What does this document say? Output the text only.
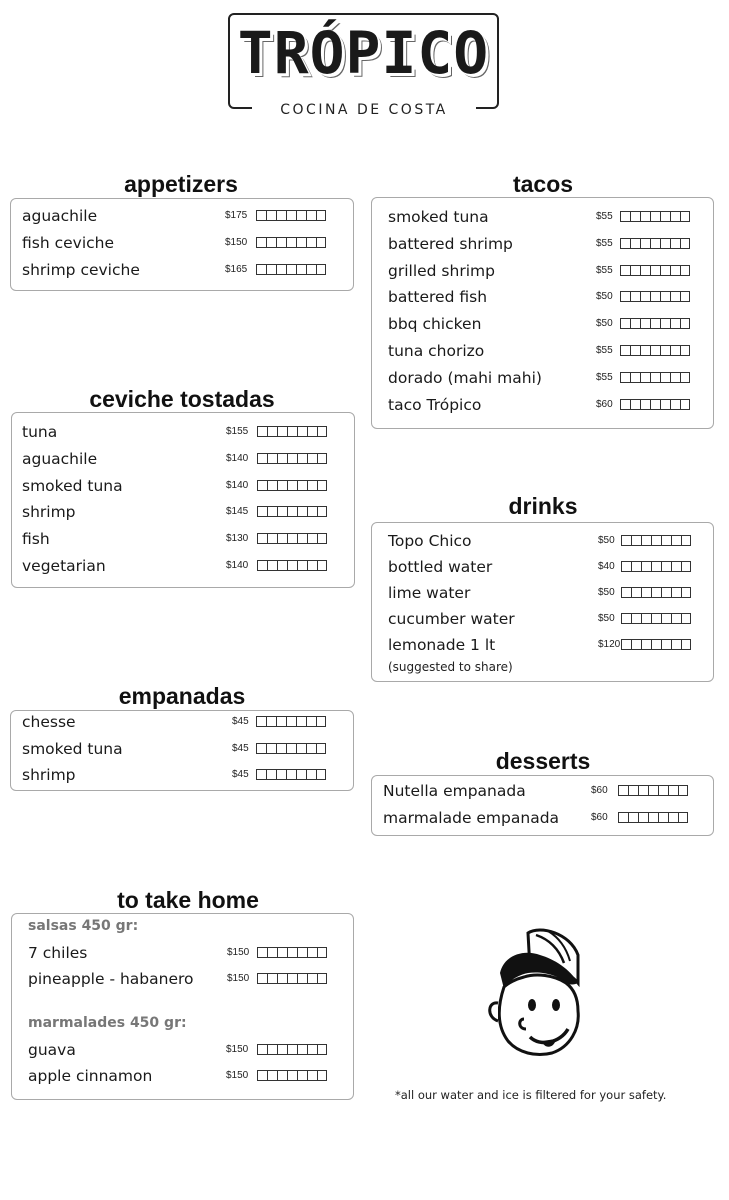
TRÓPICO
COCINA DE COSTA
appetizers
aguachile	$175
fish ceviche	$150
shrimp ceviche	$165
tacos
smoked tuna	$55
battered shrimp	$55
grilled shrimp	$55
battered fish	$50
bbq chicken	$50
tuna chorizo	$55
dorado (mahi mahi)	$55
taco Trópico	$60
ceviche tostadas
tuna	$155
aguachile	$140
smoked tuna	$140
shrimp	$145
fish	$130
vegetarian	$140
drinks
(suggested to share)
Topo Chico	$50
bottled water	$40
lime water	$50
cucumber water	$50
lemonade 1 lt	$120
empanadas
chesse	$45
smoked tuna	$45
shrimp	$45
desserts
Nutella empanada	$60
marmalade empanada	$60
to take home
salsas 450 gr:
marmalades 450 gr:
7 chiles	$150
pineapple - habanero	$150
guava	$150
apple cinnamon	$150
*all our water and ice is filtered for your safety.
